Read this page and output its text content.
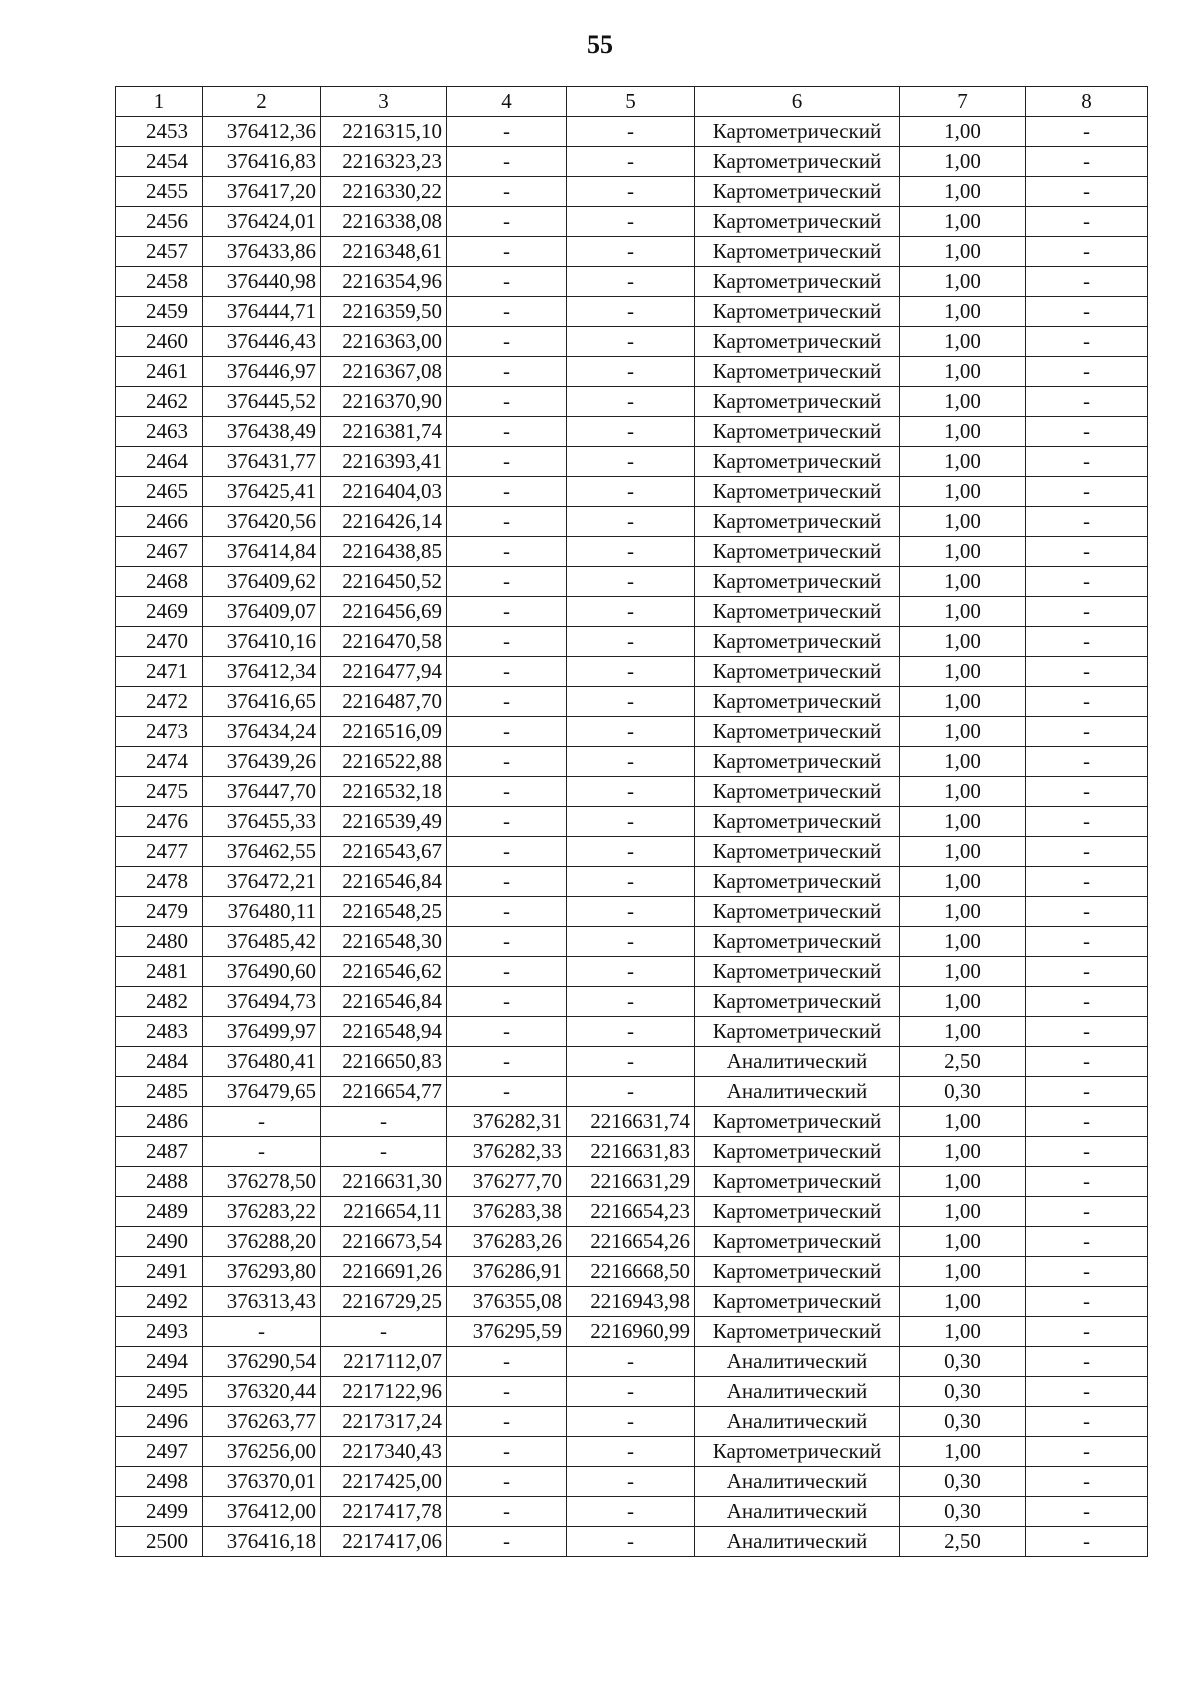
55
1	2	3	4	5	6	7	8
2453	376412,36	2216315,10	-	-	Картометрический	1,00	-
2454	376416,83	2216323,23	-	-	Картометрический	1,00	-
2455	376417,20	2216330,22	-	-	Картометрический	1,00	-
2456	376424,01	2216338,08	-	-	Картометрический	1,00	-
2457	376433,86	2216348,61	-	-	Картометрический	1,00	-
2458	376440,98	2216354,96	-	-	Картометрический	1,00	-
2459	376444,71	2216359,50	-	-	Картометрический	1,00	-
2460	376446,43	2216363,00	-	-	Картометрический	1,00	-
2461	376446,97	2216367,08	-	-	Картометрический	1,00	-
2462	376445,52	2216370,90	-	-	Картометрический	1,00	-
2463	376438,49	2216381,74	-	-	Картометрический	1,00	-
2464	376431,77	2216393,41	-	-	Картометрический	1,00	-
2465	376425,41	2216404,03	-	-	Картометрический	1,00	-
2466	376420,56	2216426,14	-	-	Картометрический	1,00	-
2467	376414,84	2216438,85	-	-	Картометрический	1,00	-
2468	376409,62	2216450,52	-	-	Картометрический	1,00	-
2469	376409,07	2216456,69	-	-	Картометрический	1,00	-
2470	376410,16	2216470,58	-	-	Картометрический	1,00	-
2471	376412,34	2216477,94	-	-	Картометрический	1,00	-
2472	376416,65	2216487,70	-	-	Картометрический	1,00	-
2473	376434,24	2216516,09	-	-	Картометрический	1,00	-
2474	376439,26	2216522,88	-	-	Картометрический	1,00	-
2475	376447,70	2216532,18	-	-	Картометрический	1,00	-
2476	376455,33	2216539,49	-	-	Картометрический	1,00	-
2477	376462,55	2216543,67	-	-	Картометрический	1,00	-
2478	376472,21	2216546,84	-	-	Картометрический	1,00	-
2479	376480,11	2216548,25	-	-	Картометрический	1,00	-
2480	376485,42	2216548,30	-	-	Картометрический	1,00	-
2481	376490,60	2216546,62	-	-	Картометрический	1,00	-
2482	376494,73	2216546,84	-	-	Картометрический	1,00	-
2483	376499,97	2216548,94	-	-	Картометрический	1,00	-
2484	376480,41	2216650,83	-	-	Аналитический	2,50	-
2485	376479,65	2216654,77	-	-	Аналитический	0,30	-
2486	-	-	376282,31	2216631,74	Картометрический	1,00	-
2487	-	-	376282,33	2216631,83	Картометрический	1,00	-
2488	376278,50	2216631,30	376277,70	2216631,29	Картометрический	1,00	-
2489	376283,22	2216654,11	376283,38	2216654,23	Картометрический	1,00	-
2490	376288,20	2216673,54	376283,26	2216654,26	Картометрический	1,00	-
2491	376293,80	2216691,26	376286,91	2216668,50	Картометрический	1,00	-
2492	376313,43	2216729,25	376355,08	2216943,98	Картометрический	1,00	-
2493	-	-	376295,59	2216960,99	Картометрический	1,00	-
2494	376290,54	2217112,07	-	-	Аналитический	0,30	-
2495	376320,44	2217122,96	-	-	Аналитический	0,30	-
2496	376263,77	2217317,24	-	-	Аналитический	0,30	-
2497	376256,00	2217340,43	-	-	Картометрический	1,00	-
2498	376370,01	2217425,00	-	-	Аналитический	0,30	-
2499	376412,00	2217417,78	-	-	Аналитический	0,30	-
2500	376416,18	2217417,06	-	-	Аналитический	2,50	-
